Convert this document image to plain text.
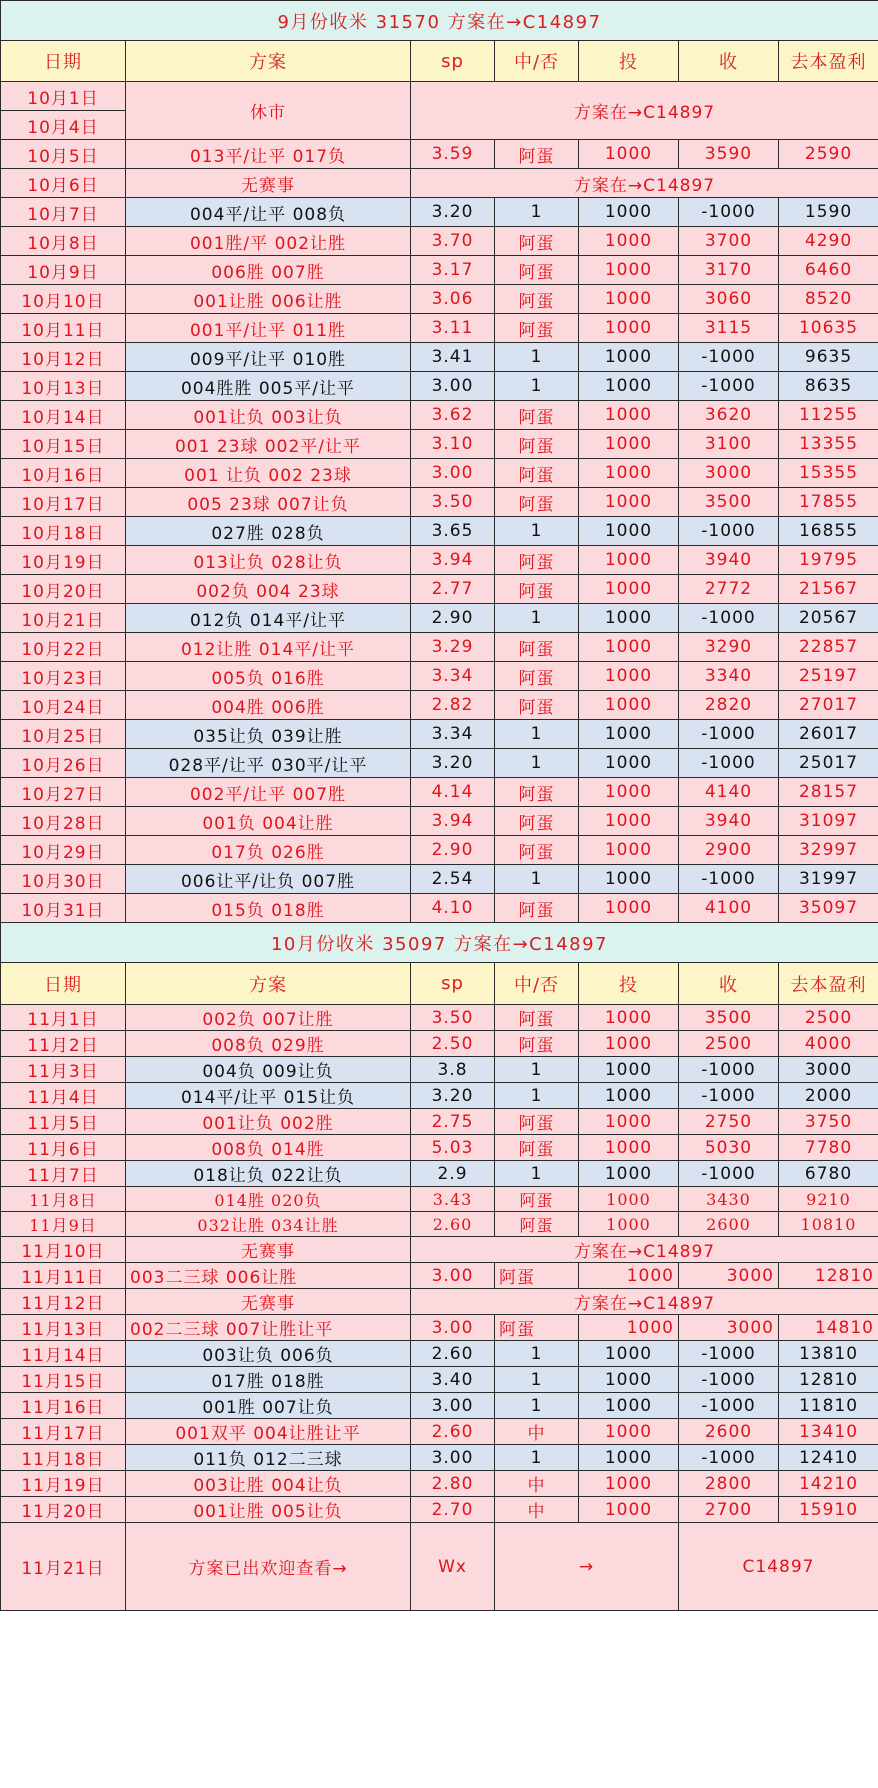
9月份收米 31570 方案在→C14897						
日期	方案	sp	中/否	投	收	去本盈利
10月1日	休市	方案在→C14897				
10月4日						
10月5日	013平/让平 017负	3.59	阿蛋	1000	3590	2590
10月6日	无赛事	方案在→C14897				
10月7日	004平/让平 008负	3.20	1	1000	-1000	1590
10月8日	001胜/平 002让胜	3.70	阿蛋	1000	3700	4290
10月9日	006胜 007胜	3.17	阿蛋	1000	3170	6460
10月10日	001让胜 006让胜	3.06	阿蛋	1000	3060	8520
10月11日	001平/让平 011胜	3.11	阿蛋	1000	3115	10635
10月12日	009平/让平 010胜	3.41	1	1000	-1000	9635
10月13日	004胜胜 005平/让平	3.00	1	1000	-1000	8635
10月14日	001让负 003让负	3.62	阿蛋	1000	3620	11255
10月15日	001 23球 002平/让平	3.10	阿蛋	1000	3100	13355
10月16日	001 让负 002 23球	3.00	阿蛋	1000	3000	15355
10月17日	005 23球 007让负	3.50	阿蛋	1000	3500	17855
10月18日	027胜 028负	3.65	1	1000	-1000	16855
10月19日	013让负 028让负	3.94	阿蛋	1000	3940	19795
10月20日	002负 004 23球	2.77	阿蛋	1000	2772	21567
10月21日	012负 014平/让平	2.90	1	1000	-1000	20567
10月22日	012让胜 014平/让平	3.29	阿蛋	1000	3290	22857
10月23日	005负 016胜	3.34	阿蛋	1000	3340	25197
10月24日	004胜 006胜	2.82	阿蛋	1000	2820	27017
10月25日	035让负 039让胜	3.34	1	1000	-1000	26017
10月26日	028平/让平 030平/让平	3.20	1	1000	-1000	25017
10月27日	002平/让平 007胜	4.14	阿蛋	1000	4140	28157
10月28日	001负 004让胜	3.94	阿蛋	1000	3940	31097
10月29日	017负 026胜	2.90	阿蛋	1000	2900	32997
10月30日	006让平/让负 007胜	2.54	1	1000	-1000	31997
10月31日	015负 018胜	4.10	阿蛋	1000	4100	35097
10月份收米 35097 方案在→C14897						
日期	方案	sp	中/否	投	收	去本盈利
11月1日	002负 007让胜	3.50	阿蛋	1000	3500	2500
11月2日	008负 029胜	2.50	阿蛋	1000	2500	4000
11月3日	004负 009让负	3.8	1	1000	-1000	3000
11月4日	014平/让平 015让负	3.20	1	1000	-1000	2000
11月5日	001让负 002胜	2.75	阿蛋	1000	2750	3750
11月6日	008负 014胜	5.03	阿蛋	1000	5030	7780
11月7日	018让负 022让负	2.9	1	1000	-1000	6780
11月8日	014胜 020负	3.43	阿蛋	1000	3430	9210
11月9日	032让胜 034让胜	2.60	阿蛋	1000	2600	10810
11月10日	无赛事	方案在→C14897				
11月11日	003二三球 006让胜	3.00	阿蛋	1000	3000	12810
11月12日	无赛事	方案在→C14897				
11月13日	002二三球 007让胜让平	3.00	阿蛋	1000	3000	14810
11月14日	003让负 006负	2.60	1	1000	-1000	13810
11月15日	017胜 018胜	3.40	1	1000	-1000	12810
11月16日	001胜 007让负	3.00	1	1000	-1000	11810
11月17日	001双平 004让胜让平	2.60	中	1000	2600	13410
11月18日	011负 012二三球	3.00	1	1000	-1000	12410
11月19日	003让胜 004让负	2.80	中	1000	2800	14210
11月20日	001让胜 005让负	2.70	中	1000	2700	15910
11月21日	方案已出欢迎查看→	Wx	→		C14897	
